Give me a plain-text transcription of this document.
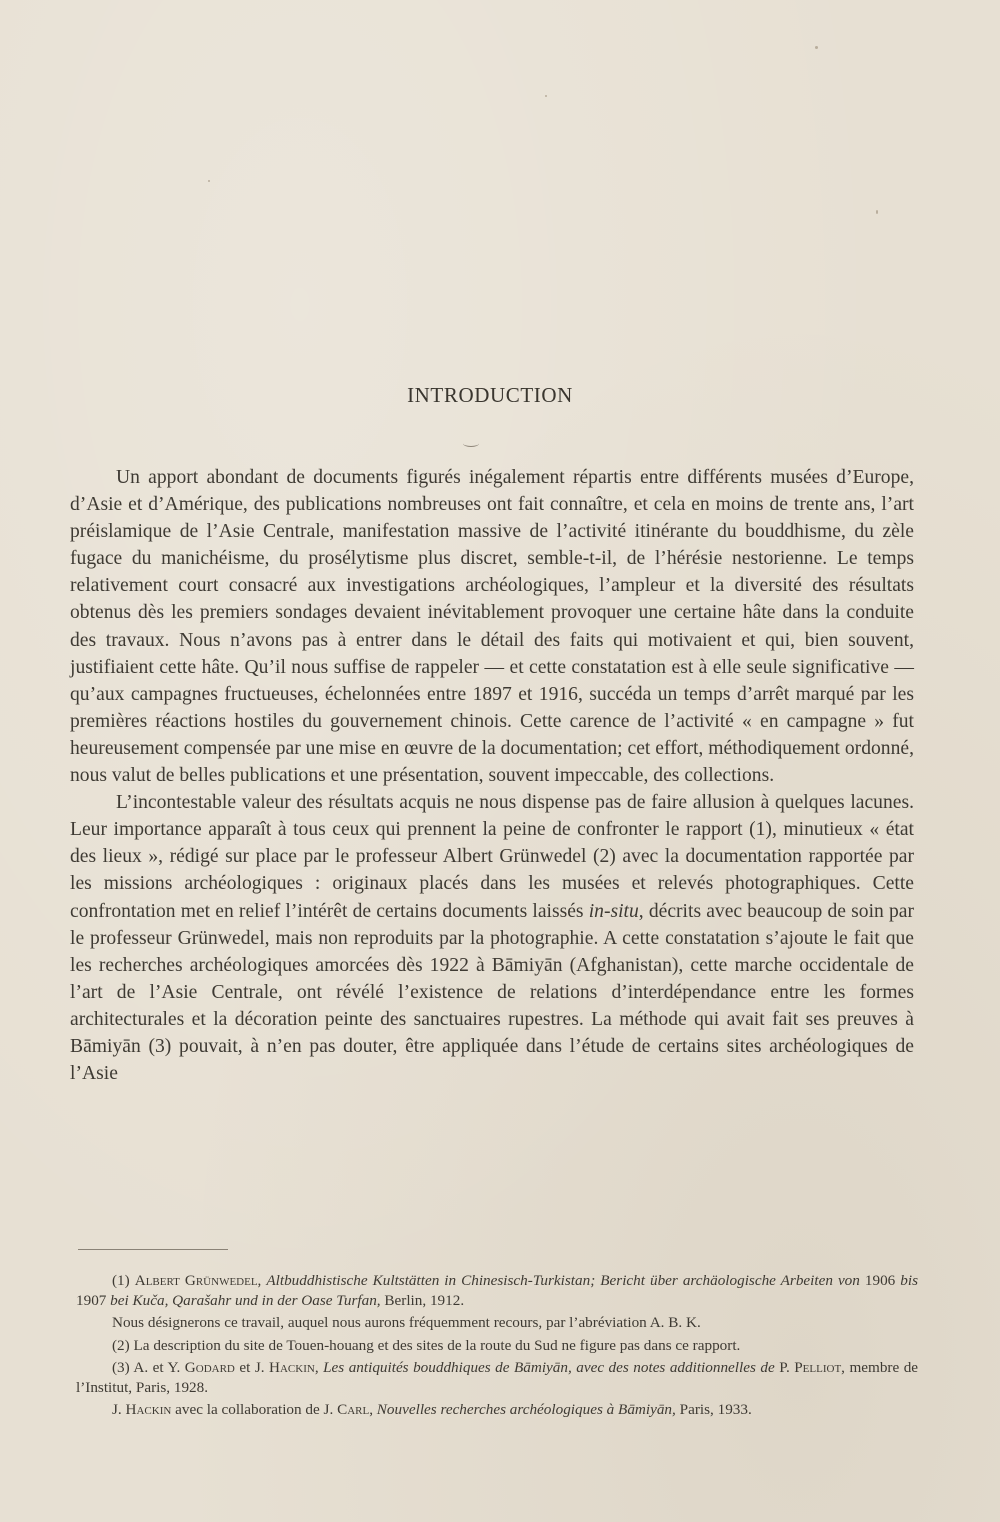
INTRODUCTION

Un apport abondant de documents figurés inégalement répartis entre différents musées d’Europe, d’Asie et d’Amérique, des publications nombreuses ont fait connaître, et cela en moins de trente ans, l’art préislamique de l’Asie Centrale, manifestation massive de l’activité itinérante du bouddhisme, du zèle fugace du manichéisme, du prosélytisme plus discret, semble-t-il, de l’hérésie nestorienne. Le temps relativement court consacré aux investigations archéologiques, l’ampleur et la diversité des résultats obtenus dès les premiers sondages devaient inévitablement provoquer une certaine hâte dans la conduite des travaux. Nous n’avons pas à entrer dans le détail des faits qui motivaient et qui, bien souvent, justifiaient cette hâte. Qu’il nous suffise de rappeler — et cette constatation est à elle seule significative — qu’aux campagnes fructueuses, échelonnées entre 1897 et 1916, succéda un temps d’arrêt marqué par les premières réactions hostiles du gouvernement chinois. Cette carence de l’activité « en campagne » fut heureusement compensée par une mise en œuvre de la documentation; cet effort, méthodiquement ordonné, nous valut de belles publications et une présentation, souvent impeccable, des collections.

L’incontestable valeur des résultats acquis ne nous dispense pas de faire allusion à quelques lacunes. Leur importance apparaît à tous ceux qui prennent la peine de confronter le rapport (1), minutieux « état des lieux », rédigé sur place par le professeur Albert Grünwedel (2) avec la documentation rapportée par les missions archéologiques : originaux placés dans les musées et relevés photographiques. Cette confrontation met en relief l’intérêt de certains documents laissés in-situ, décrits avec beaucoup de soin par le professeur Grünwedel, mais non reproduits par la photographie. A cette constatation s’ajoute le fait que les recherches archéologiques amorcées dès 1922 à Bāmiyān (Afghanistan), cette marche occidentale de l’art de l’Asie Centrale, ont révélé l’existence de relations d’interdépendance entre les formes architecturales et la décoration peinte des sanctuaires rupestres. La méthode qui avait fait ses preuves à Bāmiyān (3) pouvait, à n’en pas douter, être appliquée dans l’étude de certains sites archéologiques de l’Asie

(1) Albert Grünwedel, Altbuddhistische Kultstätten in Chinesisch-Turkistan; Bericht über archäologische Arbeiten von 1906 bis 1907 bei Kuča, Qarašahr und in der Oase Turfan, Berlin, 1912.

Nous désignerons ce travail, auquel nous aurons fréquemment recours, par l’abréviation A. B. K.

(2) La description du site de Touen-houang et des sites de la route du Sud ne figure pas dans ce rapport.

(3) A. et Y. Godard et J. Hackin, Les antiquités bouddhiques de Bāmiyān, avec des notes additionnelles de P. Pelliot, membre de l’Institut, Paris, 1928.

J. Hackin avec la collaboration de J. Carl, Nouvelles recherches archéologiques à Bāmiyān, Paris, 1933.
